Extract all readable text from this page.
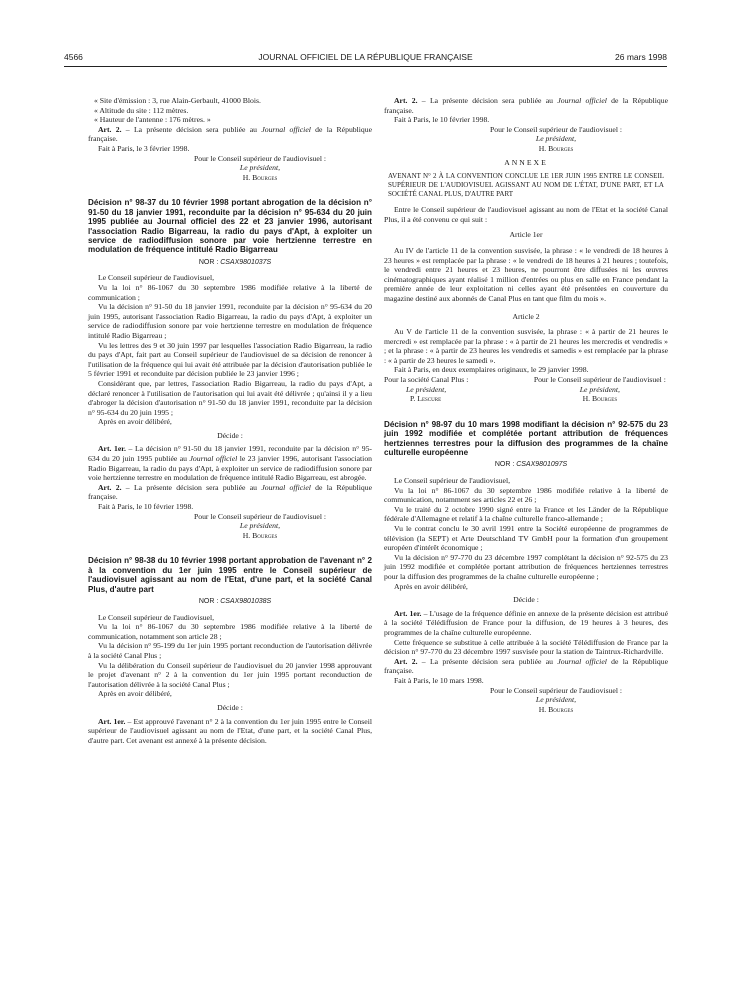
4566	JOURNAL OFFICIEL DE LA RÉPUBLIQUE FRANÇAISE	26 mars 1998

« Site d'émission : 3, rue Alain-Gerbault, 41000 Blois.

« Altitude du site : 112 mètres.

« Hauteur de l'antenne : 176 mètres. »

Art. 2. – La présente décision sera publiée au Journal officiel de la République française.

Fait à Paris, le 3 février 1998.

Pour le Conseil supérieur de l'audiovisuel :

Le président,

H. Bourges

Décision n° 98-37 du 10 février 1998 portant abrogation de la décision n° 91-50 du 18 janvier 1991, reconduite par la décision n° 95-634 du 20 juin 1995 publiée au Journal officiel des 22 et 23 janvier 1996, autorisant l'association Radio Bigarreau, la radio du pays d'Apt, à exploiter un service de radiodiffusion sonore par voie hertzienne terrestre en modulation de fréquence intitulé Radio Bigarreau

NOR : CSAX9801037S

Le Conseil supérieur de l'audiovisuel,

Vu la loi n° 86-1067 du 30 septembre 1986 modifiée relative à la liberté de communication ;

Vu la décision n° 91-50 du 18 janvier 1991, reconduite par la décision n° 95-634 du 20 juin 1995, autorisant l'association Radio Bigarreau, la radio du pays d'Apt, à exploiter un service de radiodiffusion sonore par voie hertzienne terrestre en modulation de fréquence intitulé Radio Bigarreau ;

Vu les lettres des 9 et 30 juin 1997 par lesquelles l'association Radio Bigarreau, la radio du pays d'Apt, fait part au Conseil supérieur de l'audiovisuel de sa décision de renoncer à l'utilisation de la fréquence qui lui avait été attribuée par la décision d'autorisation publiée le 5 février 1991 et reconduite par décision publiée le 23 janvier 1996 ;

Considérant que, par lettres, l'association Radio Bigarreau, la radio du pays d'Apt, a déclaré renoncer à l'utilisation de l'autorisation qui lui avait été délivrée ; qu'ainsi il y a lieu d'abroger la décision d'autorisation n° 91-50 du 18 janvier 1991, reconduite par la décision n° 95-634 du 20 juin 1995 ;

Après en avoir délibéré,

Décide :

Art. 1er. – La décision n° 91-50 du 18 janvier 1991, reconduite par la décision n° 95-634 du 20 juin 1995 publiée au Journal officiel le 23 janvier 1996, autorisant l'association Radio Bigarreau, la radio du pays d'Apt, à exploiter un service de radiodiffusion sonore par voie hertzienne terrestre en modulation de fréquence intitulé Radio Bigarreau, est abrogée.

Art. 2. – La présente décision sera publiée au Journal officiel de la République française.

Fait à Paris, le 10 février 1998.

Pour le Conseil supérieur de l'audiovisuel :

Le président,

H. Bourges

Décision n° 98-38 du 10 février 1998 portant approbation de l'avenant n° 2 à la convention du 1er juin 1995 entre le Conseil supérieur de l'audiovisuel agissant au nom de l'Etat, d'une part, et la société Canal Plus, d'autre part

NOR : CSAX9801038S

Le Conseil supérieur de l'audiovisuel,

Vu la loi n° 86-1067 du 30 septembre 1986 modifiée relative à la liberté de communication, notamment son article 28 ;

Vu la décision n° 95-199 du 1er juin 1995 portant reconduction de l'autorisation délivrée à la société Canal Plus ;

Vu la délibération du Conseil supérieur de l'audiovisuel du 20 janvier 1998 approuvant le projet d'avenant n° 2 à la convention du 1er juin 1995 portant reconduction de l'autorisation délivrée à la société Canal Plus ;

Après en avoir délibéré,

Décide :

Art. 1er. – Est approuvé l'avenant n° 2 à la convention du 1er juin 1995 entre le Conseil supérieur de l'audiovisuel agissant au nom de l'Etat, d'une part, et la société Canal Plus, d'autre part. Cet avenant est annexé à la présente décision.

Art. 2. – La présente décision sera publiée au Journal officiel de la République française.

Fait à Paris, le 10 février 1998.

Pour le Conseil supérieur de l'audiovisuel :

Le président,

H. Bourges

ANNEXE

AVENANT N° 2 À LA CONVENTION CONCLUE LE 1ER JUIN 1995 ENTRE LE CONSEIL SUPÉRIEUR DE L'AUDIOVISUEL AGISSANT AU NOM DE L'ÉTAT, D'UNE PART, ET LA SOCIÉTÉ CANAL PLUS, D'AUTRE PART

Entre le Conseil supérieur de l'audiovisuel agissant au nom de l'Etat et la société Canal Plus, il a été convenu ce qui suit :

Article 1er

Au IV de l'article 11 de la convention susvisée, la phrase : « le vendredi de 18 heures à 23 heures » est remplacée par la phrase : « le vendredi de 18 heures à 21 heures ; toutefois, le vendredi entre 21 heures et 23 heures, ne pourront être diffusées ni les œuvres cinématographiques ayant réalisé 1 million d'entrées ou plus en salle en France pendant la première année de leur exploitation ni celles ayant été présentées en couverture du magazine destiné aux abonnés de Canal Plus en tant que film du mois ».

Article 2

Au V de l'article 11 de la convention susvisée, la phrase : « à partir de 21 heures le mercredi » est remplacée par la phrase : « à partir de 21 heures les mercredis et vendredis » ; et la phrase : « à partir de 23 heures les vendredis et samedis » est remplacée par la phrase : « à partir de 23 heures le samedi ».

Fait à Paris, en deux exemplaires originaux, le 29 janvier 1998.

Pour la société Canal Plus :
Le président,
P. Lescure
Pour le Conseil supérieur de l'audiovisuel :
Le président,
H. Bourges

Décision n° 98-97 du 10 mars 1998 modifiant la décision n° 92-575 du 23 juin 1992 modifiée et complétée portant attribution de fréquences hertziennes terrestres pour la diffusion des programmes de la chaîne culturelle européenne

NOR : CSAX9801097S

Le Conseil supérieur de l'audiovisuel,

Vu la loi n° 86-1067 du 30 septembre 1986 modifiée relative à la liberté de communication, notamment ses articles 22 et 26 ;

Vu le traité du 2 octobre 1990 signé entre la France et les Länder de la République fédérale d'Allemagne et relatif à la chaîne culturelle franco-allemande ;

Vu le contrat conclu le 30 avril 1991 entre la Société européenne de programmes de télévision (la SEPT) et Arte Deutschland TV GmbH pour la formation d'un groupement européen d'intérêt économique ;

Vu la décision n° 97-770 du 23 décembre 1997 complétant la décision n° 92-575 du 23 juin 1992 modifiée et complétée portant attribution de fréquences hertziennes terrestres pour la diffusion des programmes de la chaîne culturelle européenne ;

Après en avoir délibéré,

Décide :

Art. 1er. – L'usage de la fréquence définie en annexe de la présente décision est attribué à la société Télédiffusion de France pour la diffusion, de 19 heures à 3 heures, des programmes de la chaîne culturelle européenne.

Cette fréquence se substitue à celle attribuée à la société Télédiffusion de France par la décision n° 97-770 du 23 décembre 1997 susvisée pour la station de Taintrux-Richardville.

Art. 2. – La présente décision sera publiée au Journal officiel de la République française.

Fait à Paris, le 10 mars 1998.

Pour le Conseil supérieur de l'audiovisuel :

Le président,

H. Bourges
